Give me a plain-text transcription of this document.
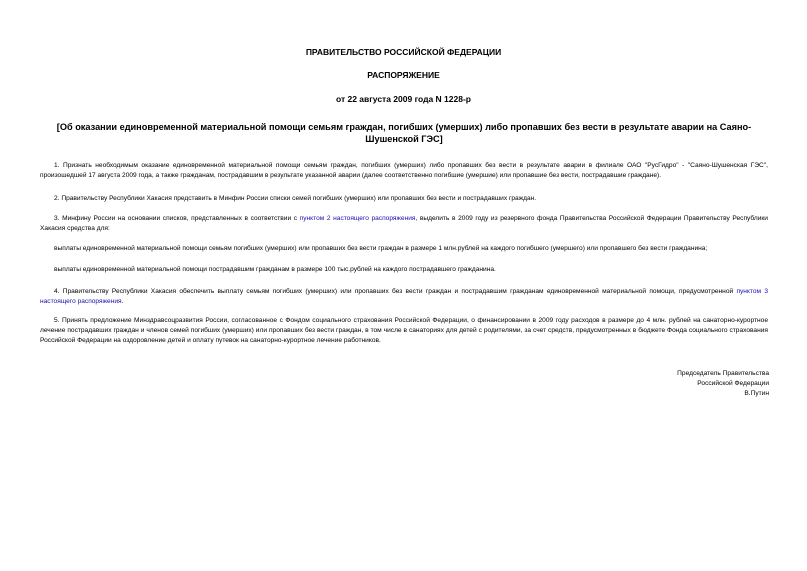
ПРАВИТЕЛЬСТВО РОССИЙСКОЙ ФЕДЕРАЦИИ
РАСПОРЯЖЕНИЕ
от 22 августа 2009 года N 1228-р
[Об оказании единовременной материальной помощи семьям граждан, погибших (умерших) либо пропавших без вести в результате аварии на Саяно-Шушенской ГЭС]
1. Признать необходимым оказание единовременной материальной помощи семьям граждан, погибших (умерших) либо пропавших без вести в результате аварии в филиале ОАО "РусГидро" - "Саяно-Шушенская ГЭС", произошедшей 17 августа 2009 года, а также гражданам, пострадавшим в результате указанной аварии (далее соответственно погибшие (умершие) или пропавшие без вести, пострадавшие граждане).
2. Правительству Республики Хакасия представить в Минфин России списки семей погибших (умерших) или пропавших без вести и пострадавших граждан.
3. Минфину России на основании списков, представленных в соответствии с пунктом 2 настоящего распоряжения, выделить в 2009 году из резервного фонда Правительства Российской Федерации Правительству Республики Хакасия средства для:
выплаты единовременной материальной помощи семьям погибших (умерших) или пропавших без вести граждан в размере 1 млн.рублей на каждого погибшего (умершего) или пропавшего без вести гражданина;
выплаты единовременной материальной помощи пострадавшим гражданам в размере 100 тыс.рублей на каждого пострадавшего гражданина.
4. Правительству Республики Хакасия обеспечить выплату семьям погибших (умерших) или пропавших без вести граждан и пострадавшим гражданам единовременной материальной помощи, предусмотренной пунктом 3 настоящего распоряжения.
5. Принять предложение Минздравсоцразвития России, согласованное с Фондом социального страхования Российской Федерации, о финансировании в 2009 году расходов в размере до 4 млн. рублей на санаторно-курортное лечение пострадавших граждан и членов семей погибших (умерших) или пропавших без вести граждан, в том числе в санаториях для детей с родителями, за счет средств, предусмотренных в бюджете Фонда социального страхования Российской Федерации на оздоровление детей и оплату путевок на санаторно-курортное лечение работников.
Председатель Правительства
Российской Федерации
В.Путин
